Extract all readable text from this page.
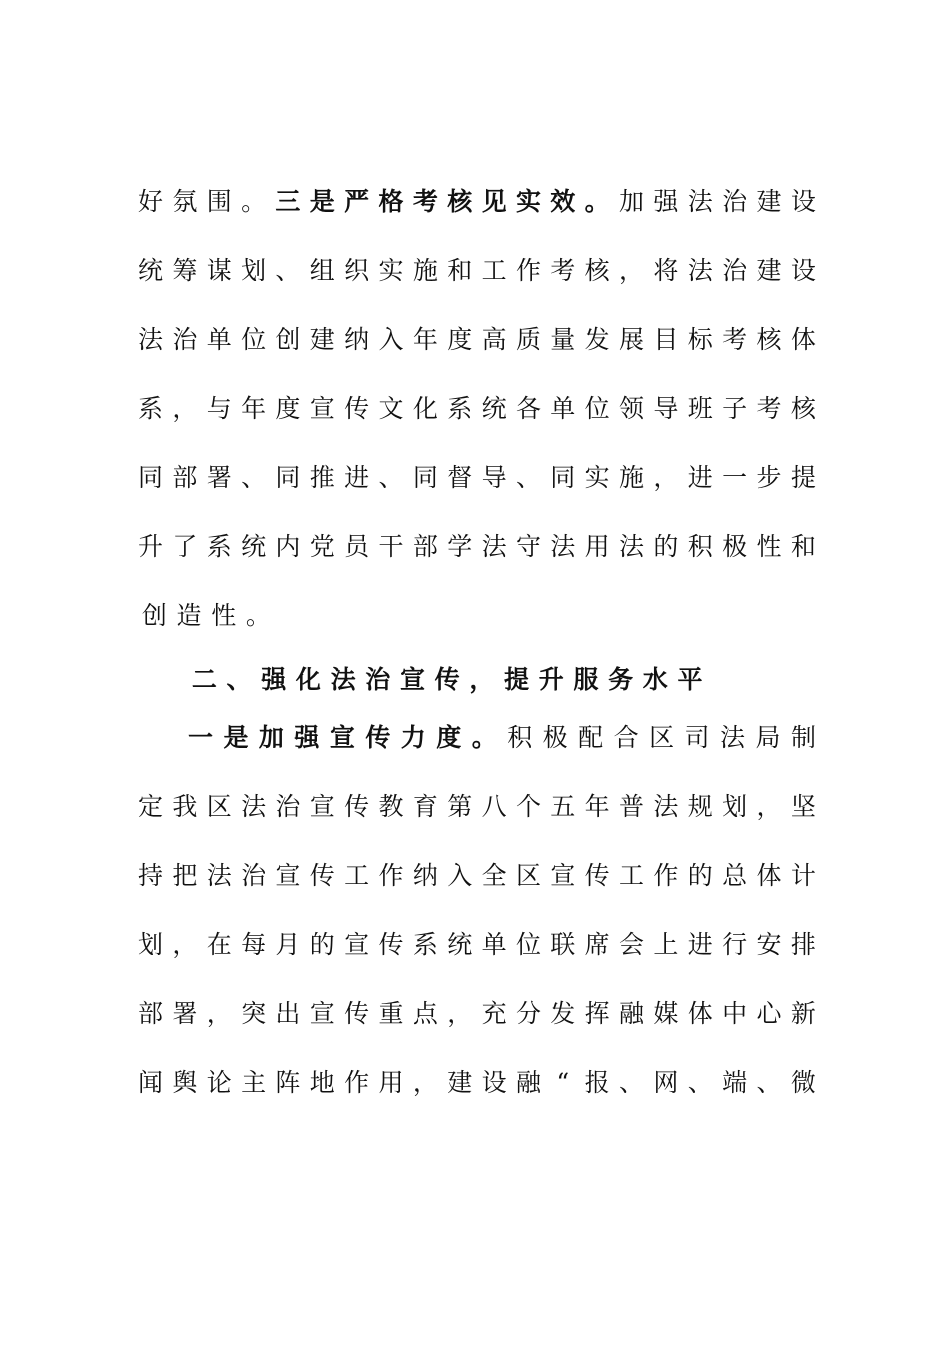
好 氛 围 。 三 是 严 格 考 核 见 实 效 。 加 强 法 治 建 设
统 筹 谋 划 、 组 织 实 施 和 工 作 考 核 ， 将 法 治 建 设
法 治 单 位 创 建 纳 入 年 度 高 质 量 发 展 目 标 考 核 体
系 ， 与 年 度 宣 传 文 化 系 统 各 单 位 领 导 班 子 考 核
同 部 署 、 同 推 进 、 同 督 导 、 同 实 施 ， 进 一 步 提
升 了 系 统 内 党 员 干 部 学 法 守 法 用 法 的 积 极 性 和
创 造 性 。
二 、 强 化 法 治 宣 传 ， 提 升 服 务 水 平
一 是 加 强 宣 传 力 度 。 积 极 配 合 区 司 法 局 制
定 我 区 法 治 宣 传 教 育 第 八 个 五 年 普 法 规 划 ， 坚
持 把 法 治 宣 传 工 作 纳 入 全 区 宣 传 工 作 的 总 体 计
划 ， 在 每 月 的 宣 传 系 统 单 位 联 席 会 上 进 行 安 排
部 署 ， 突 出 宣 传 重 点 ， 充 分 发 挥 融 媒 体 中 心 新
闻 舆 论 主 阵 地 作 用 ， 建 设 融 “ 报 、 网 、 端 、 微
